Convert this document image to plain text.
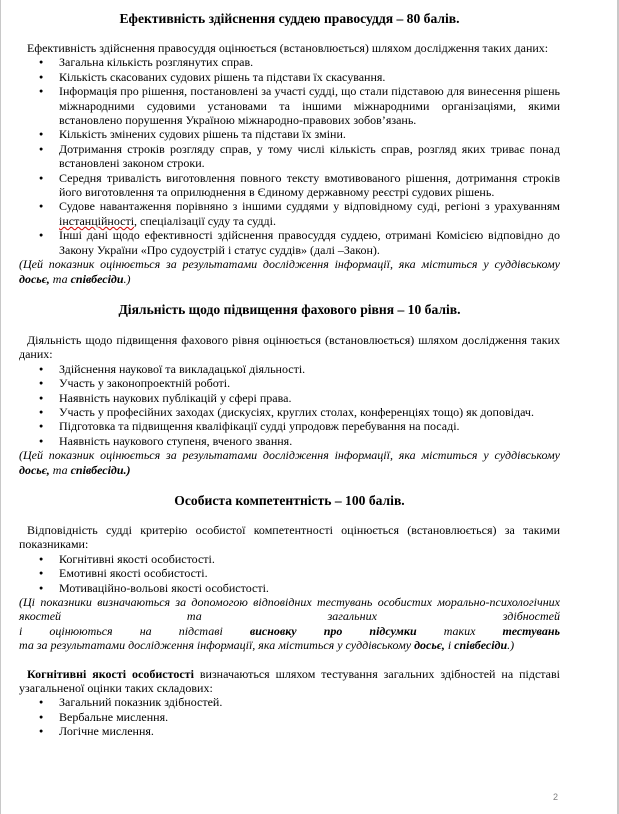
Ефективність здійснення суддею правосуддя – 80 балів.

Ефективність здійснення правосуддя оцінюється (встановлюється) шляхом дослідження таких даних:

● Загальна кількість розглянутих справ.
● Кількість скасованих судових рішень та підстави їх скасування.
● Інформація про рішення, постановлені за участі судді, що стали підставою для винесення рішень міжнародними судовими установами та іншими міжнародними організаціями, якими встановлено порушення Україною міжнародно-правових зобов’язань.
● Кількість змінених судових рішень та підстави їх зміни.
● Дотримання строків розгляду справ, у тому числі кількість справ, розгляд яких триває понад встановлені законом строки.
● Середня тривалість виготовлення повного тексту вмотивованого рішення, дотримання строків його виготовлення та оприлюднення в Єдиному державному реєстрі судових рішень.
● Судове навантаження порівняно з іншими суддями у відповідному суді, регіоні з урахуванням інстанційності, спеціалізації суду та судді.
● Інші дані щодо ефективності здійснення правосуддя суддею, отримані Комісією відповідно до Закону України «Про судоустрій і статус суддів» (далі –Закон).

(Цей показник оцінюється за результатами дослідження інформації, яка міститься у суддівському досьє, та співбесіди.)

Діяльність щодо підвищення фахового рівня – 10 балів.

Діяльність щодо підвищення фахового рівня оцінюється (встановлюється) шляхом дослідження таких даних:

● Здійснення наукової та викладацької діяльності.
● Участь у законопроектній роботі.
● Наявність наукових публікацій у сфері права.
● Участь у професійних заходах (дискусіях, круглих столах, конференціях тощо) як доповідач.
● Підготовка та підвищення кваліфікації судді упродовж перебування на посаді.
● Наявність наукового ступеня, вченого звання.

(Цей показник оцінюється за результатами дослідження інформації, яка міститься у суддівському досьє, та співбесіди.)

Особиста компетентність – 100 балів.

Відповідність судді критерію особистої компетентності оцінюється (встановлюється) за такими показниками:

● Когнітивні якості особистості.
● Емотивні якості особистості.
● Мотиваційно-вольові якості особистості.

(Ці показники визначаються за допомогою відповідних тестувань особистих морально-психологічних якостей та загальних здібностей

і оцінюються на підставі висновку про підсумки таких тестувань

та за результатами дослідження інформації, яка міститься у суддівському досьє, і співбесіди.)

Когнітивні якості особистості визначаються шляхом тестування загальних здібностей на підставі узагальненої оцінки таких складових:

● Загальний показник здібностей.
● Вербальне мислення.
● Логічне мислення.
2
